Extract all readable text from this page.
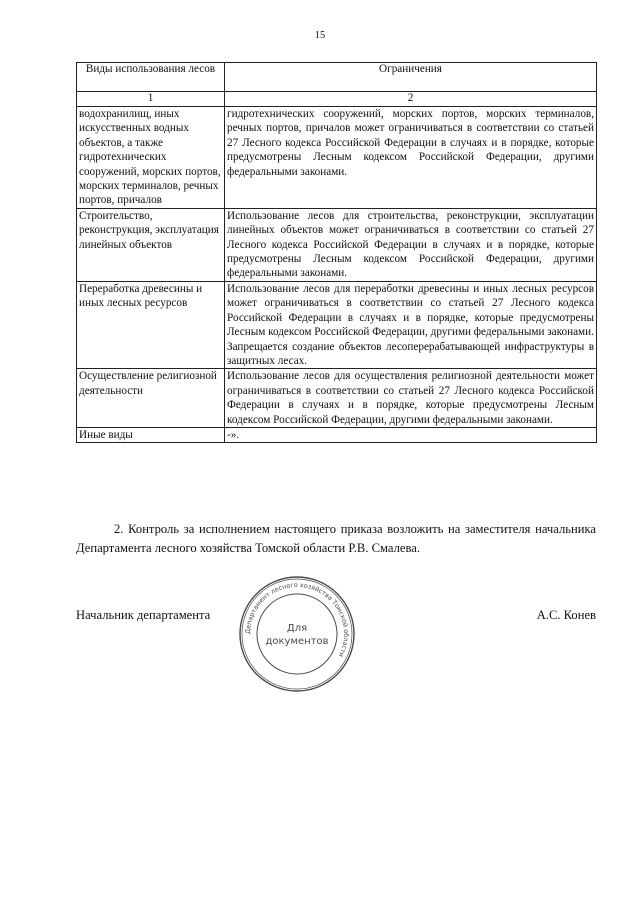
15
Виды использования лесов	Ограничения
1	2
водохранилищ, иных искусственных водных объектов, а также гидротехнических сооружений, морских портов, морских терминалов, речных портов, причалов	гидротехнических сооружений, морских портов, морских терминалов, речных портов, причалов может ограничиваться в соответствии со статьей 27 Лесного кодекса Российской Федерации в случаях и в порядке, которые предусмотрены Лесным кодексом Российской Федерации, другими федеральными законами.

Строительство, реконструкция, эксплуатация линейных объектов	Использование лесов для строительства, реконструкции, эксплуатации линейных объектов может ограничиваться в соответствии со статьей 27 Лесного кодекса Российской Федерации в случаях и в порядке, которые предусмотрены Лесным кодексом Российской Федерации, другими федеральными законами.

Переработка древесины и иных лесных ресурсов	Использование лесов для переработки древесины и иных лесных ресурсов может ограничиваться в соответствии со статьей 27 Лесного кодекса Российской Федерации в случаях и в порядке, которые предусмотрены Лесным кодексом Российской Федерации, другими федеральными законами.
Запрещается создание объектов лесоперерабатывающей инфраструктуры в защитных лесах.

Осуществление религиозной деятельности	Использование лесов для осуществления религиозной деятельности может ограничиваться в соответствии со статьей 27 Лесного кодекса Российской Федерации в случаях и в порядке, которые предусмотрены Лесным кодексом Российской Федерации, другими федеральными законами.

Иные виды	-».
2. Контроль за исполнением настоящего приказа возложить на заместителя начальника Департамента лесного хозяйства Томской области Р.В. Смалева.
Начальник департамента	А.С. Конев
Департамент лесного хозяйства Томской области
Для
документов
